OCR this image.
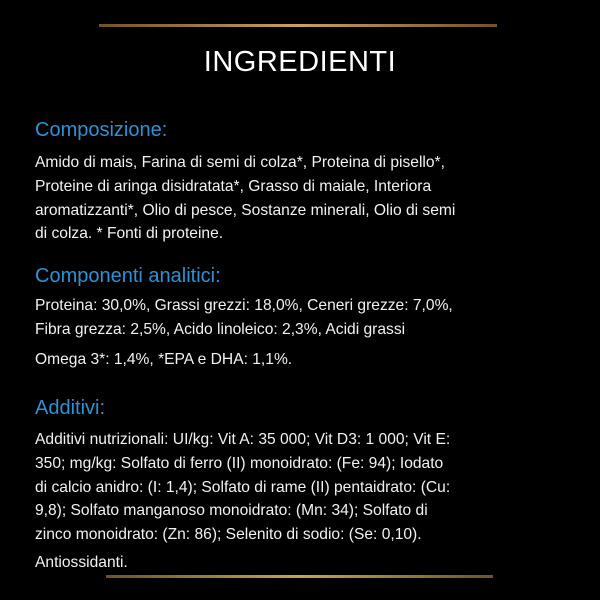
INGREDIENTI
Composizione:
Amido di mais, Farina di semi di colza*, Proteina di pisello*,
Proteine di aringa disidratata*, Grasso di maiale, Interiora
aromatizzanti*, Olio di pesce, Sostanze minerali, Olio di semi
di colza. * Fonti di proteine.
Componenti analitici:
Proteina: 30,0%, Grassi grezzi: 18,0%, Ceneri grezze: 7,0%,
Fibra grezza: 2,5%, Acido linoleico: 2,3%, Acidi grassi
Omega 3*: 1,4%, *EPA e DHA: 1,1%.
Additivi:
Additivi nutrizionali: UI/kg: Vit A: 35 000; Vit D3: 1 000; Vit E:
350; mg/kg: Solfato di ferro (II) monoidrato: (Fe: 94); Iodato
di calcio anidro: (I: 1,4); Solfato di rame (II) pentaidrato: (Cu:
9,8); Solfato manganoso monoidrato: (Mn: 34); Solfato di
zinco monoidrato: (Zn: 86); Selenito di sodio: (Se: 0,10).
Antiossidanti.
